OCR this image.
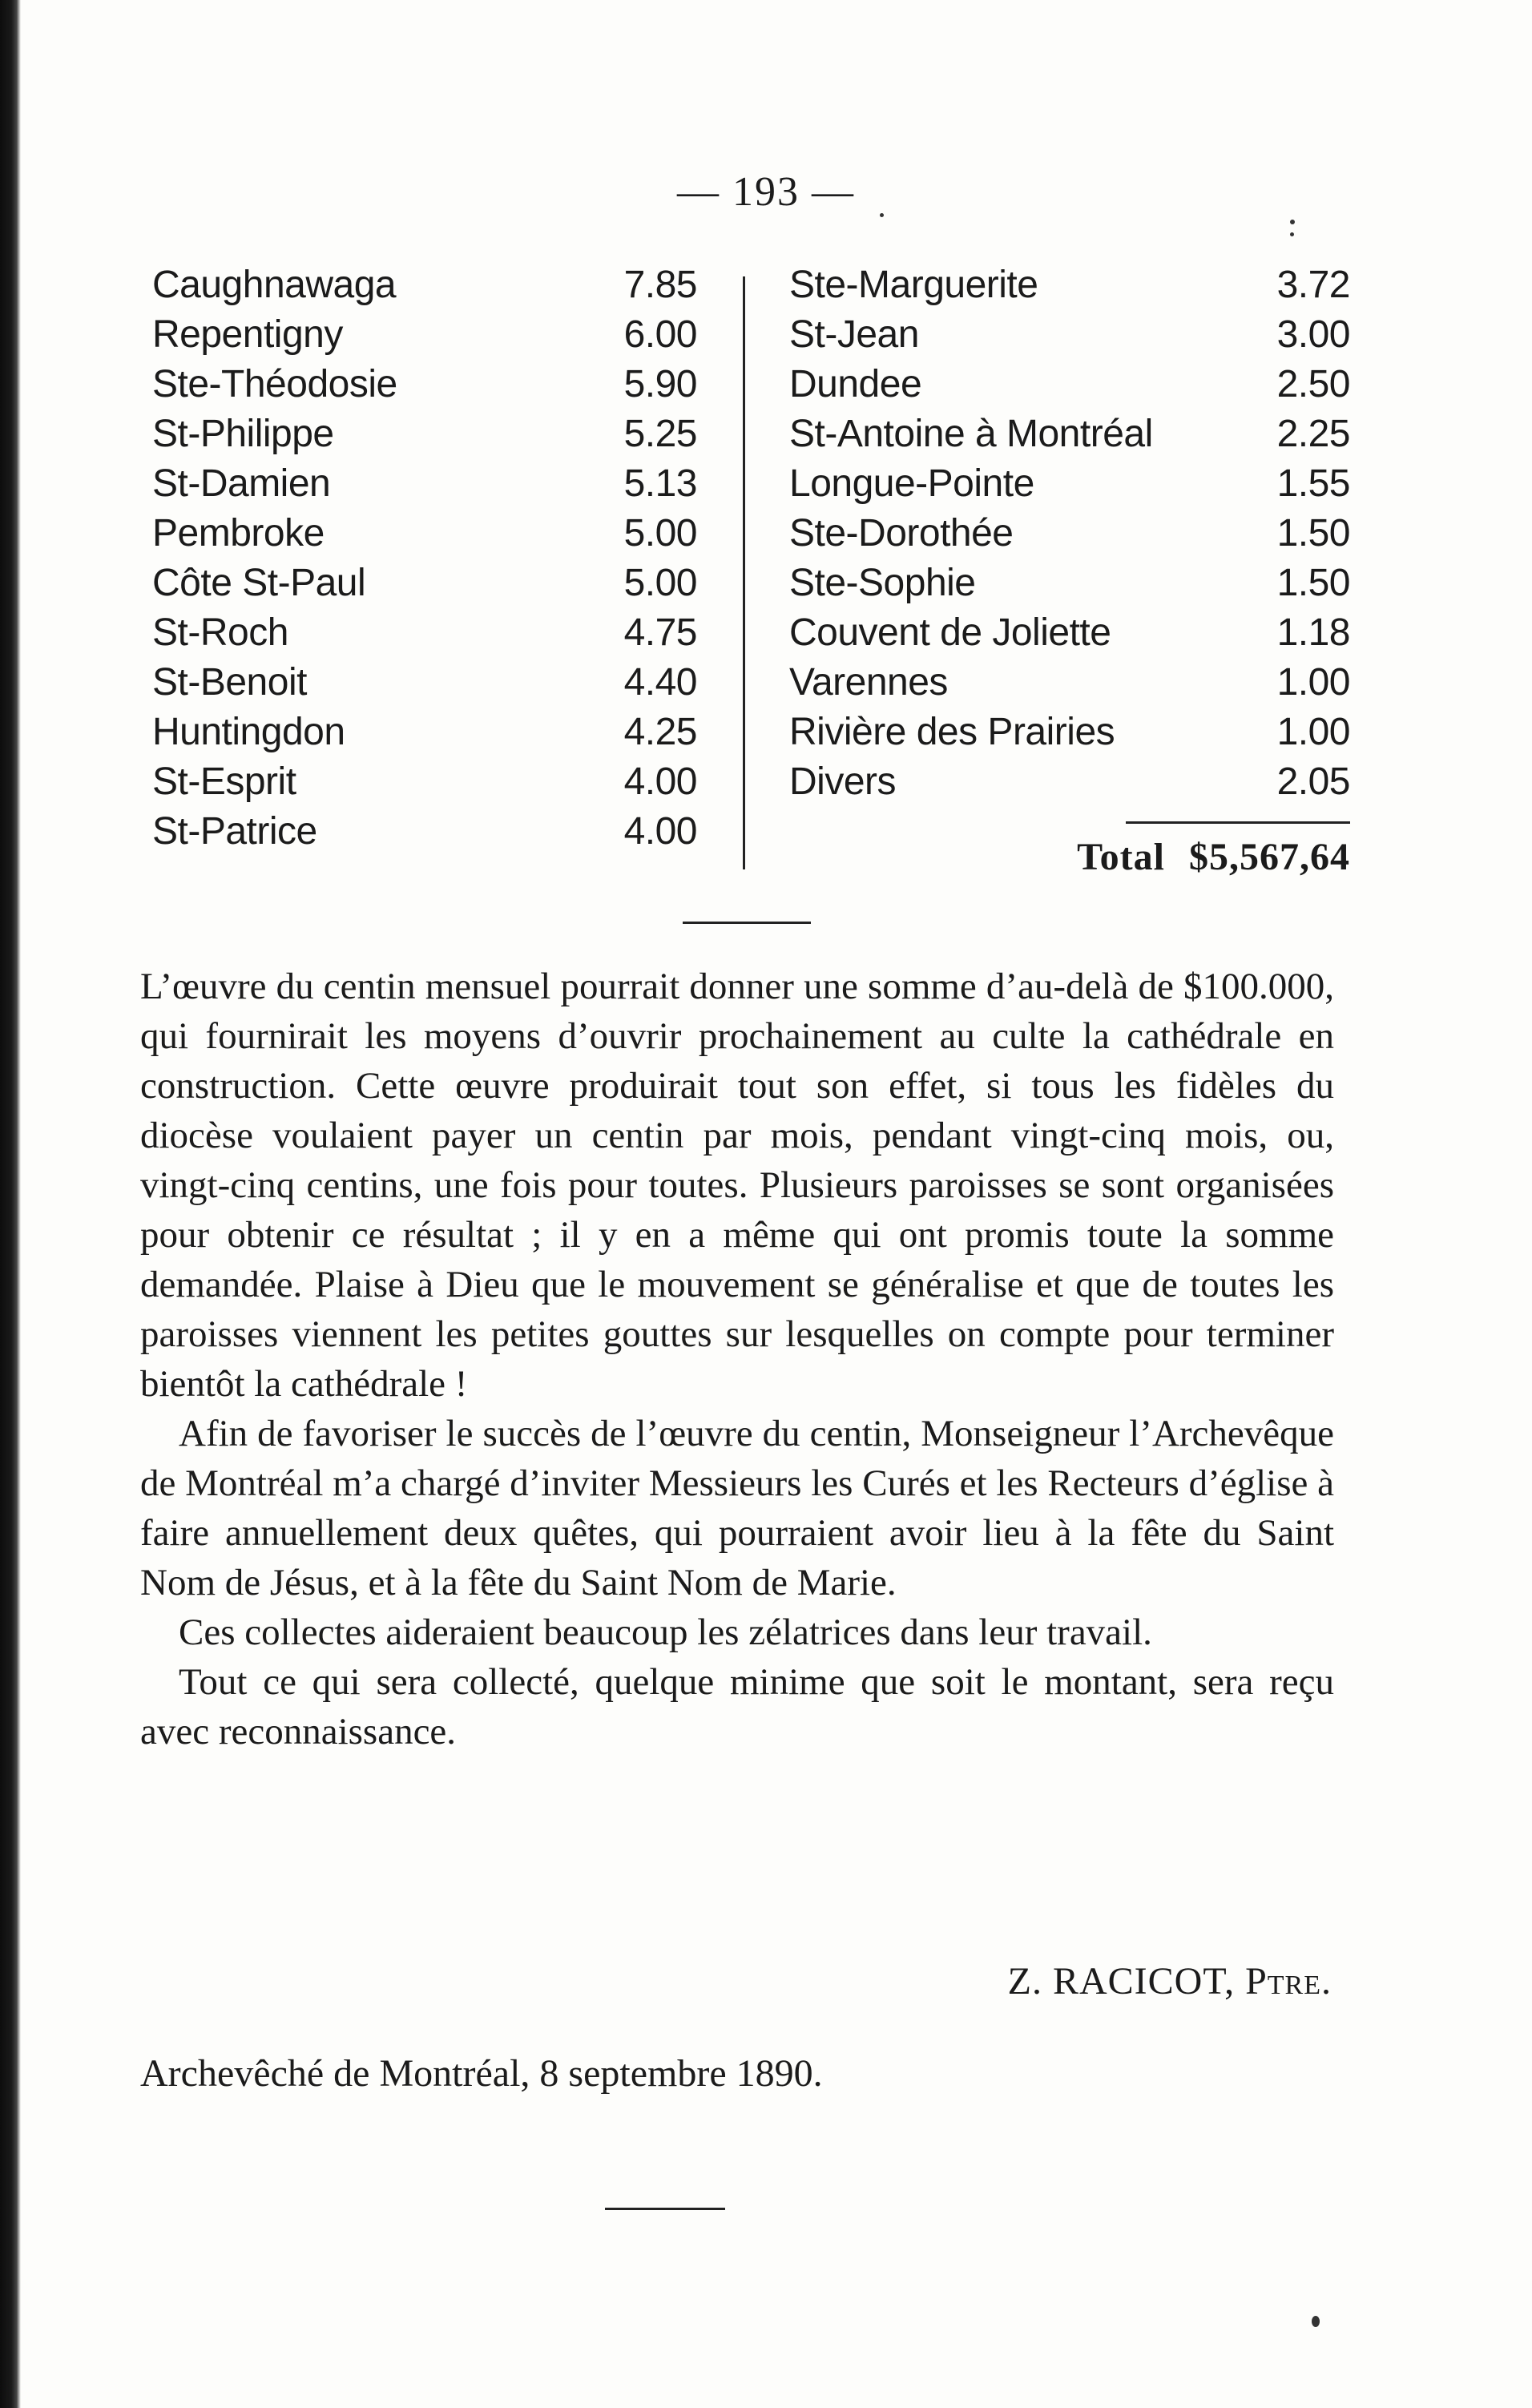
— 193 —
Caughnawaga	7.85
Repentigny	6.00
Ste-Théodosie	5.90
St-Philippe	5.25
St-Damien	5.13
Pembroke	5.00
Côte St-Paul	5.00
St-Roch	4.75
St-Benoit	4.40
Huntingdon	4.25
St-Esprit	4.00
St-Patrice	4.00
Ste-Marguerite	3.72
St-Jean	3.00
Dundee	2.50
St-Antoine à Montréal	2.25
Longue-Pointe	1.55
Ste-Dorothée	1.50
Ste-Sophie	1.50
Couvent de Joliette	1.18
Varennes	1.00
Rivière des Prairies	1.00
Divers	2.05
Total $5,567,64

L’œuvre du centin mensuel pourrait donner une somme d’au-delà de $100.000, qui fournirait les moyens d’ouvrir prochainement au culte la cathédrale en construction. Cette œuvre produirait tout son effet, si tous les fidèles du diocèse voulaient payer un centin par mois, pendant vingt-cinq mois, ou, vingt-cinq centins, une fois pour toutes. Plusieurs paroisses se sont organisées pour obtenir ce résultat ; il y en a même qui ont promis toute la somme demandée. Plaise à Dieu que le mouvement se généralise et que de toutes les paroisses viennent les petites gouttes sur lesquelles on compte pour terminer bientôt la cathédrale !

Afin de favoriser le succès de l’œuvre du centin, Monseigneur l’Archevêque de Montréal m’a chargé d’inviter Messieurs les Curés et les Recteurs d’église à faire annuellement deux quêtes, qui pourraient avoir lieu à la fête du Saint Nom de Jésus, et à la fête du Saint Nom de Marie.

Ces collectes aideraient beaucoup les zélatrices dans leur travail.

Tout ce qui sera collecté, quelque minime que soit le montant, sera reçu avec reconnaissance.

Z. RACICOT, Ptre.
Archevêché de Montréal, 8 septembre 1890.
